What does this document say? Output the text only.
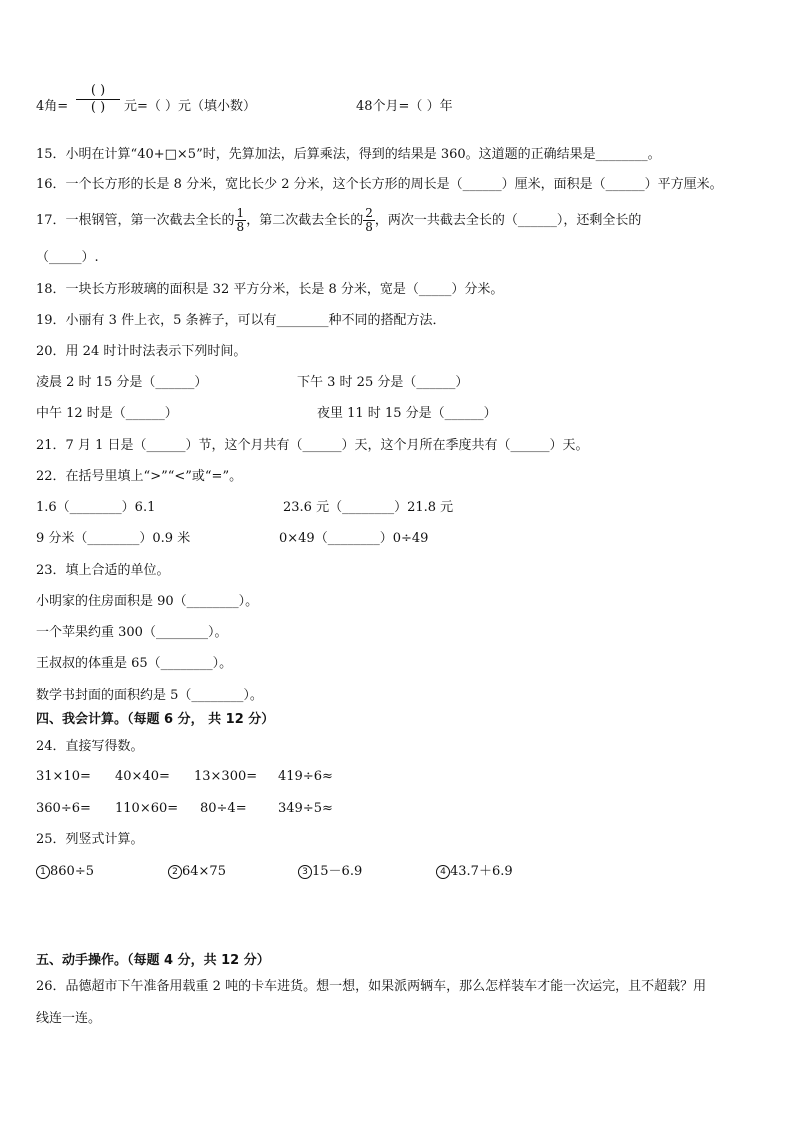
4角=
( )
( )	元=（ ）元（填小数）	48个月=（ ）年
15．小明在计算“40+□×5”时，先算加法，后算乘法，得到的结果是 360。这道题的正确结果是________。
16．一个长方形的长是 8 分米，宽比长少 2 分米，这个长方形的周长是（______）厘米，面积是（______）平方厘米。
17．一根钢管，第一次截去全长的 $\frac{1}{8}$ ，第二次截去全长的 $\frac{2}{8}$ ，两次一共截去全长的（______），还剩全长的
（_____）.
18．一块长方形玻璃的面积是 32 平方分米，长是 8 分米，宽是（_____）分米。
19．小丽有 3 件上衣，5 条裤子，可以有________种不同的搭配方法．
20．用 24 时计时法表示下列时间。
凌晨 2 时 15 分是（______）	下午 3 时 25 分是（______）
中午 12 时是（______）	夜里 11 时 15 分是（______）
21．7 月 1 日是（______）节，这个月共有（______）天，这个月所在季度共有（______）天。
22．在括号里填上“>”“<”或“=”。
1.6（________）6.1	23.6 元（________）21.8 元
9 分米（________）0.9 米	0×49（________）0÷49
23．填上合适的单位。
小明家的住房面积是 90（________）。
一个苹果约重 300（________）。
王叔叔的体重是 65（________）。
数学书封面的面积约是 5（________）。
四、我会计算。（每题 6 分， 共 12 分）
24．直接写得数。
31×10= 40×40= 13×300= 419÷6≈
360÷6= 110×60= 80÷4= 349÷5≈
25．列竖式计算。
1 860÷5	2 64×75	3 15－6.9	4 43.7＋6.9
五、动手操作。（每题 4 分，共 12 分）
26．品德超市下午准备用载重 2 吨的卡车进货。想一想，如果派两辆车，那么怎样装车才能一次运完，且不超载？用
线连一连。
